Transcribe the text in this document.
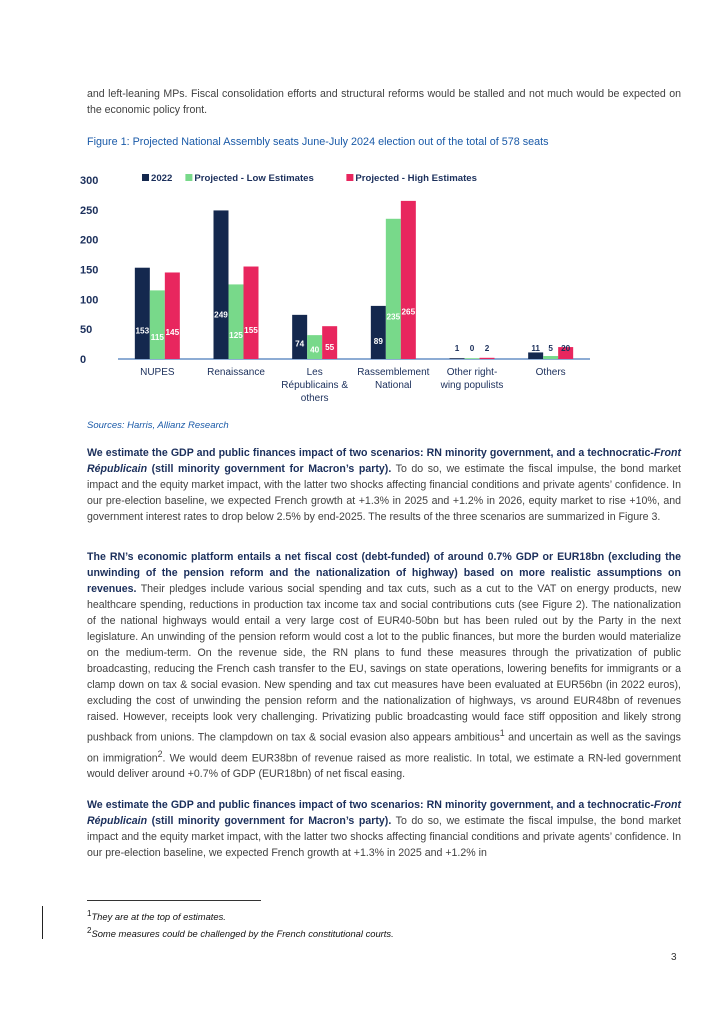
and left-leaning MPs. Fiscal consolidation efforts and structural reforms would be stalled and not much would be expected on the economic policy front.

Figure 1: Projected National Assembly seats June-July 2024 election out of the total of 578 seats

0
50
100
150
200
250
300	2022 Projected - Low Estimates	Projected - High Estimates
153
115
145
NUPES
249
125
155
Renaissance
74
40 55
Les
Républicains &
others
89
235
265
Rassemblement
National
1 0 2
Other right-
wing populists
11 5 20
Others
Sources: Harris, Allianz Research

We estimate the GDP and public finances impact of two scenarios: RN minority government, and a technocratic-Front Républicain (still minority government for Macron’s party). To do so, we estimate the fiscal impulse, the bond market impact and the equity market impact, with the latter two shocks affecting financial conditions and private agents’ confidence. In our pre-election baseline, we expected French growth at +1.3% in 2025 and +1.2% in 2026, equity market to rise +10%, and government interest rates to drop below 2.5% by end-2025. The results of the three scenarios are summarized in Figure 3.

The RN’s economic platform entails a net fiscal cost (debt-funded) of around 0.7% GDP or EUR18bn (excluding the unwinding of the pension reform and the nationalization of highway) based on more realistic assumptions on revenues. Their pledges include various social spending and tax cuts, such as a cut to the VAT on energy products, new healthcare spending, reductions in production tax income tax and social contributions cuts (see Figure 2). The nationalization of the national highways would entail a very large cost of EUR40-50bn but has been ruled out by the Party in the next legislature. An unwinding of the pension reform would cost a lot to the public finances, but more the burden would materialize on the medium-term. On the revenue side, the RN plans to fund these measures through the privatization of public broadcasting, reducing the French cash transfer to the EU, savings on state operations, lowering benefits for immigrants or a clamp down on tax & social evasion. New spending and tax cut measures have been evaluated at EUR56bn (in 2022 euros), excluding the cost of unwinding the pension reform and the nationalization of highways, vs around EUR48bn of revenues raised. However, receipts look very challenging. Privatizing public broadcasting would face stiff opposition and likely strong pushback from unions. The clampdown on tax & social evasion also appears ambitious$^1$ and uncertain as well as the savings on immigration$^2$. We would deem EUR38bn of revenue raised as more realistic. In total, we estimate a RN-led government would deliver around +0.7% of GDP (EUR18bn) of net fiscal easing.

We estimate the GDP and public finances impact of two scenarios: RN minority government, and a technocratic-Front Républicain (still minority government for Macron’s party). To do so, we estimate the fiscal impulse, the bond market impact and the equity market impact, with the latter two shocks affecting financial conditions and private agents’ confidence. In our pre-election baseline, we expected French growth at +1.3% in 2025 and +1.2% in

$^1$They are at the top of estimates.
$^2$Some measures could be challenged by the French constitutional courts.
3
